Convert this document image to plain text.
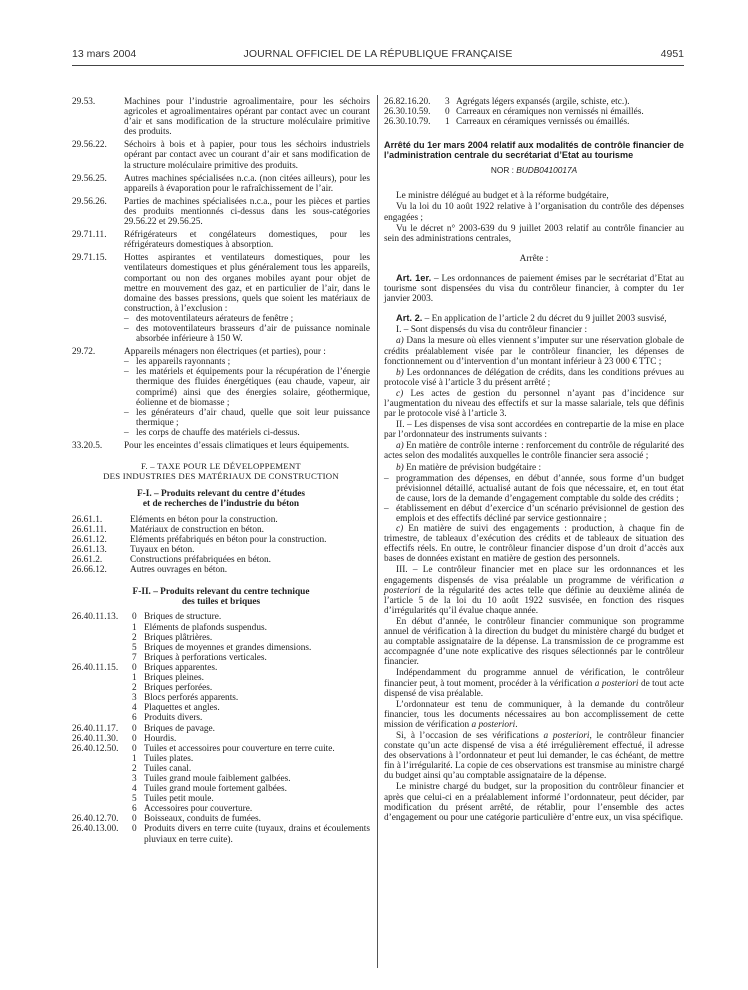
13 mars 2004	JOURNAL OFFICIEL DE LA RÉPUBLIQUE FRANÇAISE	4951
29.53.	Machines pour l’industrie agroalimentaire, pour les séchoirs agricoles et agroalimentaires opérant par contact avec un courant d’air et sans modification de la structure moléculaire primitive des produits.
29.56.22. Séchoirs à bois et à papier, pour tous les séchoirs industriels opérant par contact avec un courant d’air et sans modification de la structure moléculaire primitive des produits.
29.56.25. Autres machines spécialisées n.c.a. (non citées ailleurs), pour les appareils à évaporation pour le rafraîchissement de l’air.
29.56.26. Parties de machines spécialisées n.c.a., pour les pièces et parties des produits mentionnés ci-dessus dans les sous-catégories 29.56.22 et 29.56.25.
29.71.11. Réfrigérateurs et congélateurs domestiques, pour les réfrigérateurs domestiques à absorption.
29.71.15. Hottes aspirantes et ventilateurs domestiques, pour les ventilateurs domestiques et plus généralement tous les appareils, comportant ou non des organes mobiles ayant pour objet de mettre en mouvement des gaz, et en particulier de l’air, dans le domaine des basses pressions, quels que soient les matériaux de construction, à l’exclusion :
– des motoventilateurs aérateurs de fenêtre ;
– des motoventilateurs brasseurs d’air de puissance nominale absorbée inférieure à 150 W.
29.72.	Appareils ménagers non électriques (et parties), pour :
– les appareils rayonnants ;
– les matériels et équipements pour la récupération de l’énergie thermique des fluides énergétiques (eau chaude, vapeur, air comprimé) ainsi que des énergies solaire, géothermique, éolienne et de biomasse ;
– les générateurs d’air chaud, quelle que soit leur puissance thermique ;
– les corps de chauffe des matériels ci-dessus.
33.20.5. Pour les enceintes d’essais climatiques et leurs équipements.
F. – TAXE POUR LE DÉVELOPPEMENT
DES INDUSTRIES DES MATÉRIAUX DE CONSTRUCTION
F-I. – Produits relevant du centre d’études
et de recherches de l’industrie du béton
26.61.1.	Eléments en béton pour la construction.
26.61.11.	Matériaux de construction en béton.
26.61.12. Eléments préfabriqués en béton pour la construction.
26.61.13. Tuyaux en béton.
26.61.2.	Constructions préfabriquées en béton.
26.66.12. Autres ouvrages en béton.
F-II. – Produits relevant du centre technique
des tuiles et briques
26.40.11.13. 0 Briques de structure.
1 Eléments de plafonds suspendus.
2 Briques plâtrières.
5 Briques de moyennes et grandes dimensions.
7 Briques à perforations verticales.
26.40.11.15. 0 Briques apparentes.
1 Briques pleines.
2 Briques perforées.
3 Blocs perforés apparents.
4 Plaquettes et angles.
6 Produits divers.
26.40.11.17. 0 Briques de pavage.
26.40.11.30. 0 Hourdis.
26.40.12.50. 0 Tuiles et accessoires pour couverture en terre cuite.
1 Tuiles plates.
2 Tuiles canal.
3 Tuiles grand moule faiblement galbées.
4 Tuiles grand moule fortement galbées.
5 Tuiles petit moule.
6 Accessoires pour couverture.
26.40.12.70. 0 Boisseaux, conduits de fumées.
26.40.13.00. 0 Produits divers en terre cuite (tuyaux, drains et écoulements pluviaux en terre cuite).
26.82.16.20. 3 Agrégats légers expansés (argile, schiste, etc.).
26.30.10.59. 0 Carreaux en céramiques non vernissés ni émaillés.
26.30.10.79. 1 Carreaux en céramiques vernissés ou émaillés.
Arrêté du 1er mars 2004 relatif aux modalités de contrôle financier de l’administration centrale du secrétariat d’Etat au tourisme
NOR : BUDB0410017A
Le ministre délégué au budget et à la réforme budgétaire,
Vu la loi du 10 août 1922 relative à l’organisation du contrôle des dépenses engagées ;
Vu le décret n° 2003-639 du 9 juillet 2003 relatif au contrôle financier au sein des administrations centrales,
Arrête :
Art. 1er. – Les ordonnances de paiement émises par le secrétariat d’Etat au tourisme sont dispensées du visa du contrôleur financier, à compter du 1er janvier 2003.
Art. 2. – En application de l’article 2 du décret du 9 juillet 2003 susvisé,
I. – Sont dispensés du visa du contrôleur financier :
a) Dans la mesure où elles viennent s’imputer sur une réservation globale de crédits préalablement visée par le contrôleur financier, les dépenses de fonctionnement ou d’intervention d’un montant inférieur à 23 000 € TTC ;
b) Les ordonnances de délégation de crédits, dans les conditions prévues au protocole visé à l’article 3 du présent arrêté ;
c) Les actes de gestion du personnel n’ayant pas d’incidence sur l’augmentation du niveau des effectifs et sur la masse salariale, tels que définis par le protocole visé à l’article 3.
II. – Les dispenses de visa sont accordées en contrepartie de la mise en place par l’ordonnateur des instruments suivants :
a) En matière de contrôle interne : renforcement du contrôle de régularité des actes selon des modalités auxquelles le contrôle financier sera associé ;
b) En matière de prévision budgétaire :
– programmation des dépenses, en début d’année, sous forme d’un budget prévisionnel détaillé, actualisé autant de fois que nécessaire, et, en tout état de cause, lors de la demande d’engagement comptable du solde des crédits ;
– établissement en début d’exercice d’un scénario prévisionnel de gestion des emplois et des effectifs décliné par service gestionnaire ;
c) En matière de suivi des engagements : production, à chaque fin de trimestre, de tableaux d’exécution des crédits et de tableaux de situation des effectifs réels. En outre, le contrôleur financier dispose d’un droit d’accès aux bases de données existant en matière de gestion des personnels.
III. – Le contrôleur financier met en place sur les ordonnances et les engagements dispensés de visa préalable un programme de vérification a posteriori de la régularité des actes telle que définie au deuxième alinéa de l’article 5 de la loi du 10 août 1922 susvisée, en fonction des risques d’irrégularités qu’il évalue chaque année.
En début d’année, le contrôleur financier communique son programme annuel de vérification à la direction du budget du ministère chargé du budget et au comptable assignataire de la dépense. La transmission de ce programme est accompagnée d’une note explicative des risques sélectionnés par le contrôleur financier.
Indépendamment du programme annuel de vérification, le contrôleur financier peut, à tout moment, procéder à la vérification a posteriori de tout acte dispensé de visa préalable.
L’ordonnateur est tenu de communiquer, à la demande du contrôleur financier, tous les documents nécessaires au bon accomplissement de cette mission de vérification a posteriori.
Si, à l’occasion de ses vérifications a posteriori, le contrôleur financier constate qu’un acte dispensé de visa a été irrégulièrement effectué, il adresse des observations à l’ordonnateur et peut lui demander, le cas échéant, de mettre fin à l’irrégularité. La copie de ces observations est transmise au ministre chargé du budget ainsi qu’au comptable assignataire de la dépense.
Le ministre chargé du budget, sur la proposition du contrôleur financier et après que celui-ci en a préalablement informé l’ordonnateur, peut décider, par modification du présent arrêté, de rétablir, pour l’ensemble des actes d’engagement ou pour une catégorie particulière d’entre eux, un visa spécifique.
